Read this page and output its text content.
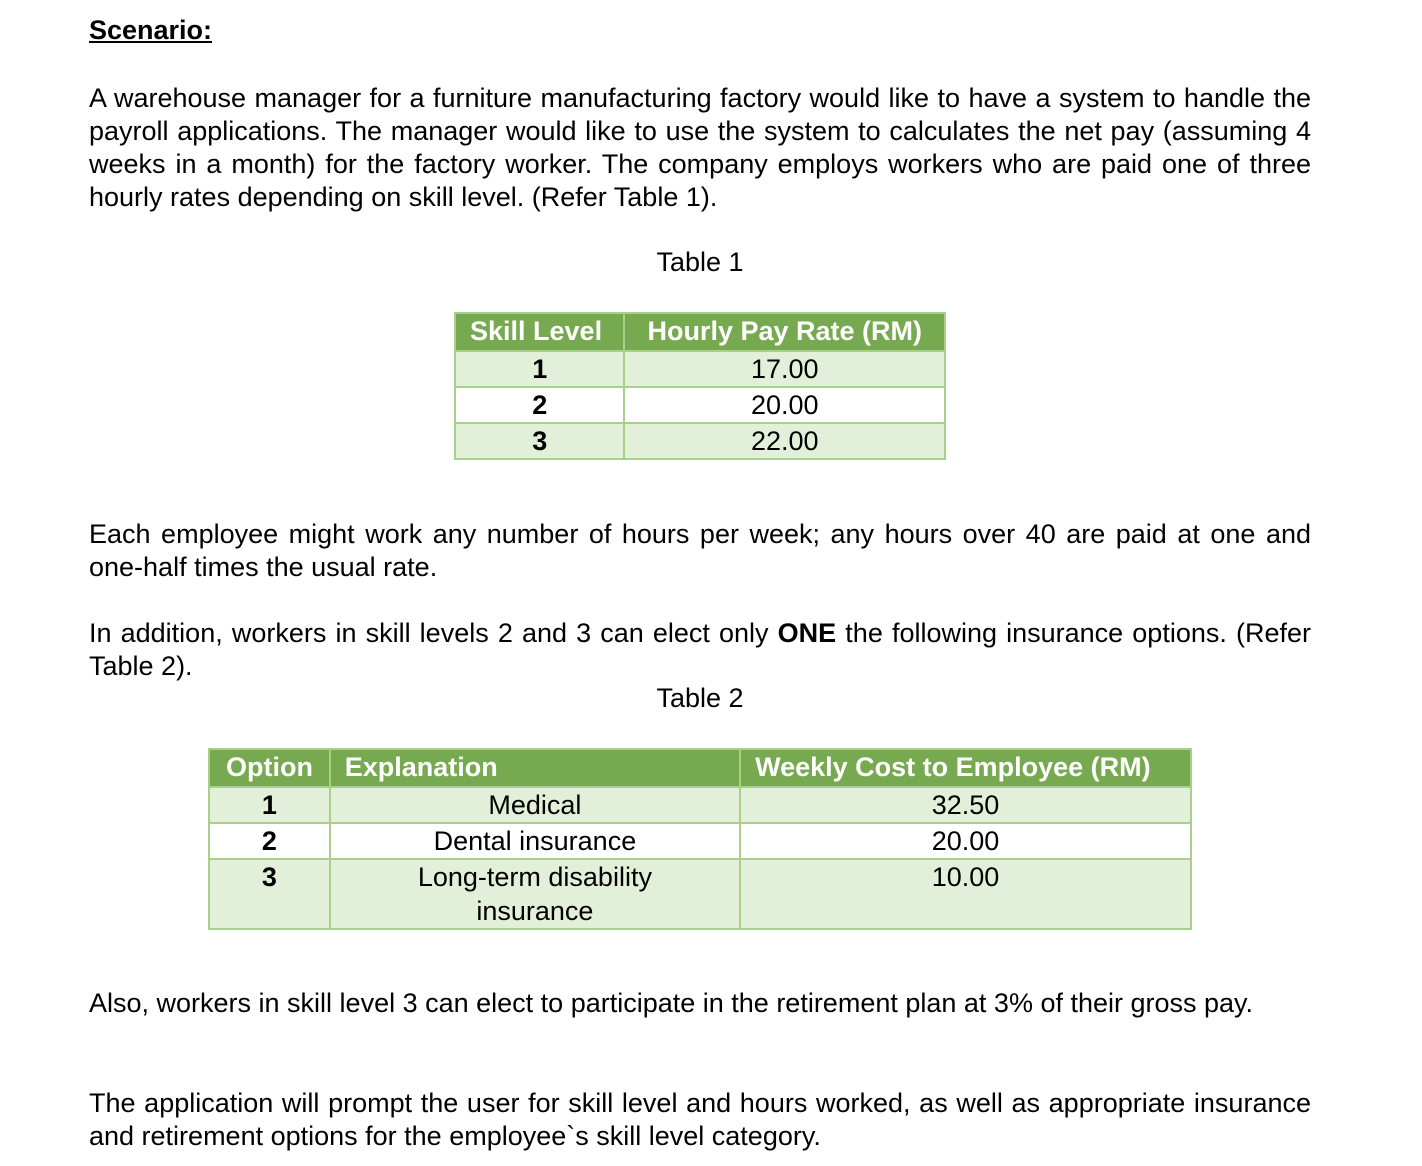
Scenario:
A warehouse manager for a furniture manufacturing factory would like to have a system to handle the payroll applications. The manager would like to use the system to calculates the net pay (assuming 4 weeks in a month) for the factory worker. The company employs workers who are paid one of three hourly rates depending on skill level. (Refer Table 1).
Table 1
Skill Level	Hourly Pay Rate (RM)
1	17.00
2	20.00
3	22.00
Each employee might work any number of hours per week; any hours over 40 are paid at one and one-half times the usual rate.
In addition, workers in skill levels 2 and 3 can elect only ONE the following insurance options. (Refer Table 2).
Table 2
Option	Explanation	Weekly Cost to Employee (RM)
1	Medical	32.50
2	Dental insurance	20.00
3	Long-term disability insurance	10.00
Also, workers in skill level 3 can elect to participate in the retirement plan at 3% of their gross pay.
The application will prompt the user for skill level and hours worked, as well as appropriate insurance and retirement options for the employee`s skill level category.
